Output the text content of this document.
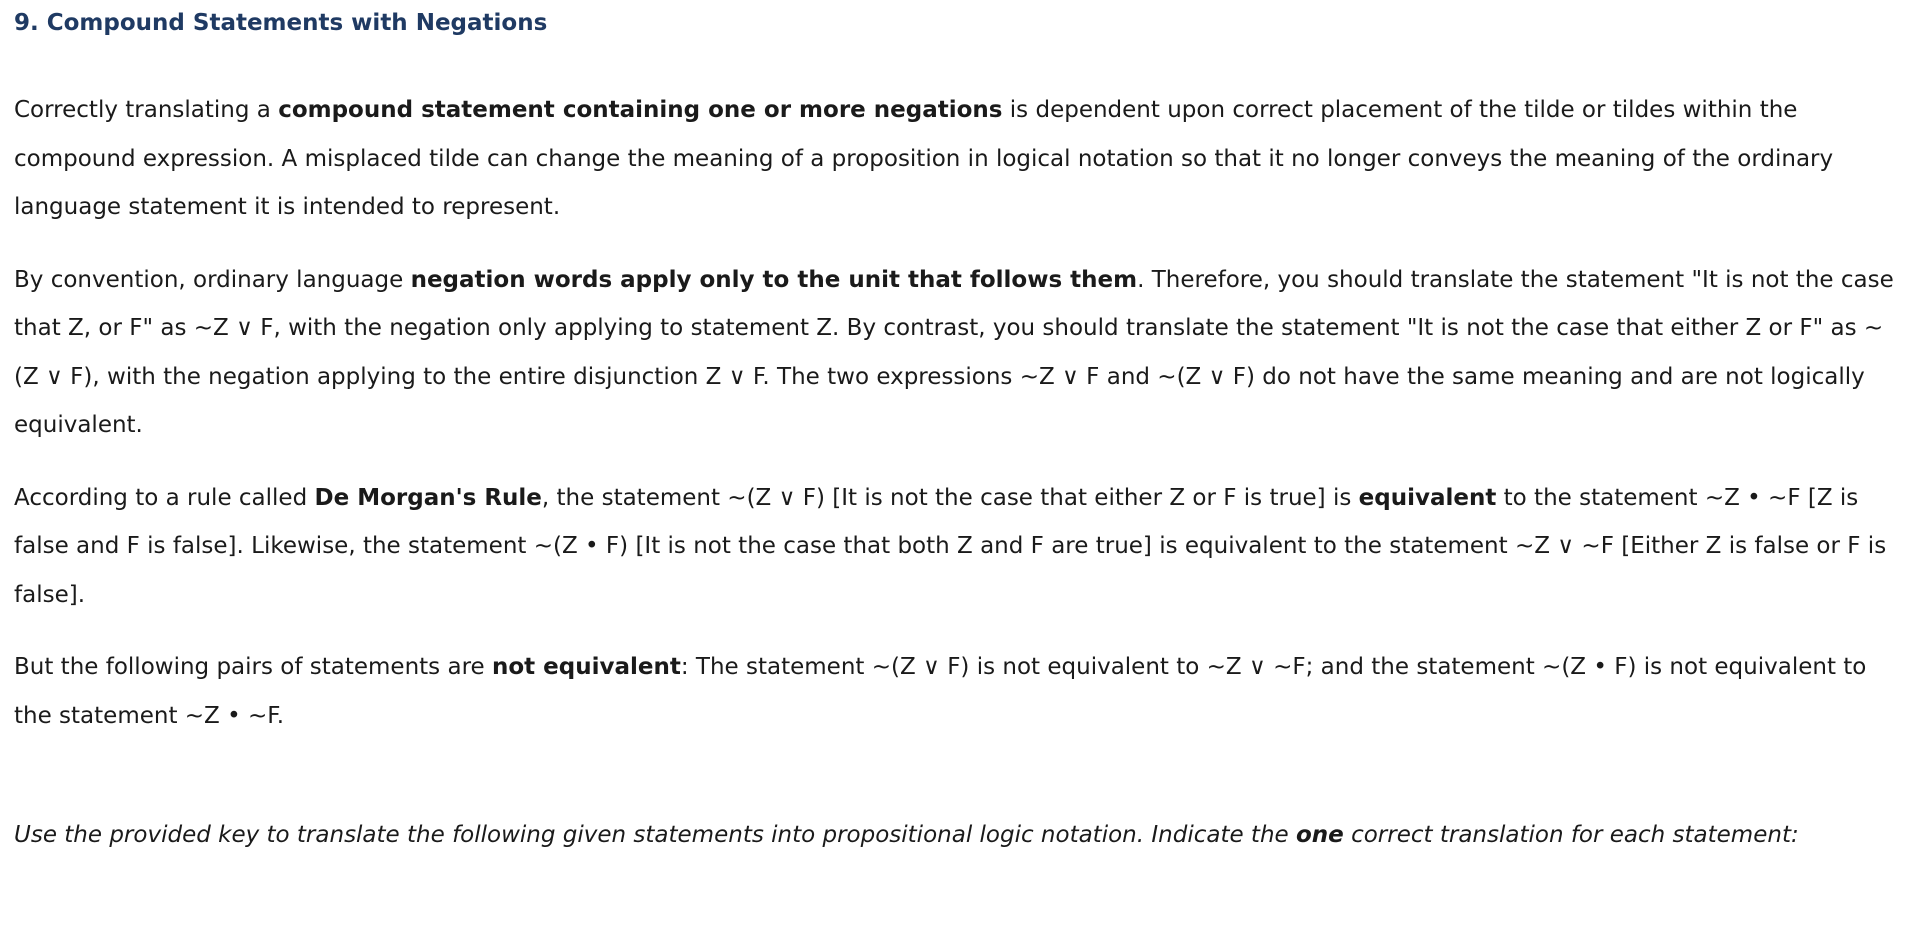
9. Compound Statements with Negations

Correctly translating a compound statement containing one or more negations is dependent upon correct placement of the tilde or tildes within the compound expression. A misplaced tilde can change the meaning of a proposition in logical notation so that it no longer conveys the meaning of the ordinary language statement it is intended to represent.

By convention, ordinary language negation words apply only to the unit that follows them. Therefore, you should translate the statement "It is not the case that Z, or F" as ~Z ∨ F, with the negation only applying to statement Z. By contrast, you should translate the statement "It is not the case that either Z or F" as ~(Z ∨ F), with the negation applying to the entire disjunction Z ∨ F. The two expressions ~Z ∨ F and ~(Z ∨ F) do not have the same meaning and are not logically equivalent.

According to a rule called De Morgan's Rule, the statement ~(Z ∨ F) [It is not the case that either Z or F is true] is equivalent to the statement ~Z • ~F [Z is false and F is false]. Likewise, the statement ~(Z • F) [It is not the case that both Z and F are true] is equivalent to the statement ~Z ∨ ~F [Either Z is false or F is false].

But the following pairs of statements are not equivalent: The statement ~(Z ∨ F) is not equivalent to ~Z ∨ ~F; and the statement ~(Z • F) is not equivalent to the statement ~Z • ~F.

Use the provided key to translate the following given statements into propositional logic notation. Indicate the one correct translation for each statement:
